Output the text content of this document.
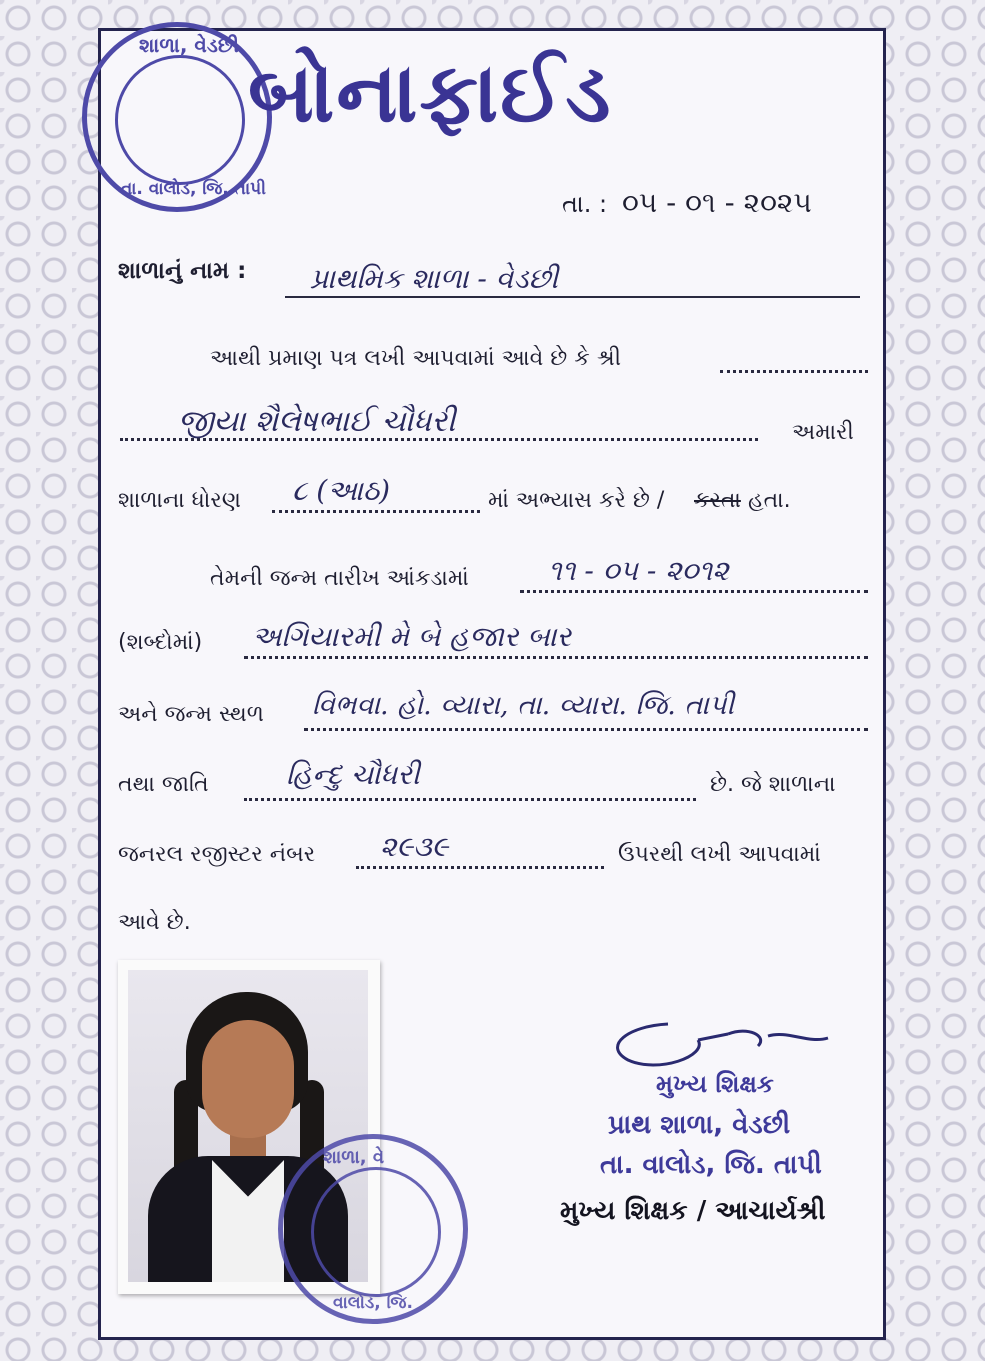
શાળા, વેડછી
તા. વાલોડ, જિ. તાપી
બોનાફાઈડ
તા. : ૦૫ - ૦૧ - ૨૦૨૫
શાળાનું નામ : પ્રાથમિક શાળા - વેડછી
આથી પ્રમાણ પત્ર લખી આપવામાં આવે છે કે શ્રી
જીયા શૈલેષભાઈ ચૌધરી	અમારી
શાળાના ધોરણ ૮ (આઠ)	માં અભ્યાસ કરે છે / કરતા હતા.
તેમની જન્મ તારીખ આંકડામાં	૧૧ - ૦૫ - ૨૦૧૨
(શબ્દોમાં) અગિયારમી મે બે હજાર બાર
અને જન્મ સ્થળ વિભવા. હો. વ્યારા, તા. વ્યારા. જિ. તાપી
તથા જાતિ	હિન્દુ ચૌધરી	છે. જે શાળાના
જનરલ રજીસ્ટર નંબર ૨૯૩૯	ઉપરથી લખી આપવામાં
આવે છે.
શાળા, વે
વાલોડ, જિ.
મુખ્ય શિક્ષક
પ્રાથ શાળા, વેડછી
તા. વાલોડ, જિ. તાપી
મુખ્ય શિક્ષક / આચાર્યશ્રી
